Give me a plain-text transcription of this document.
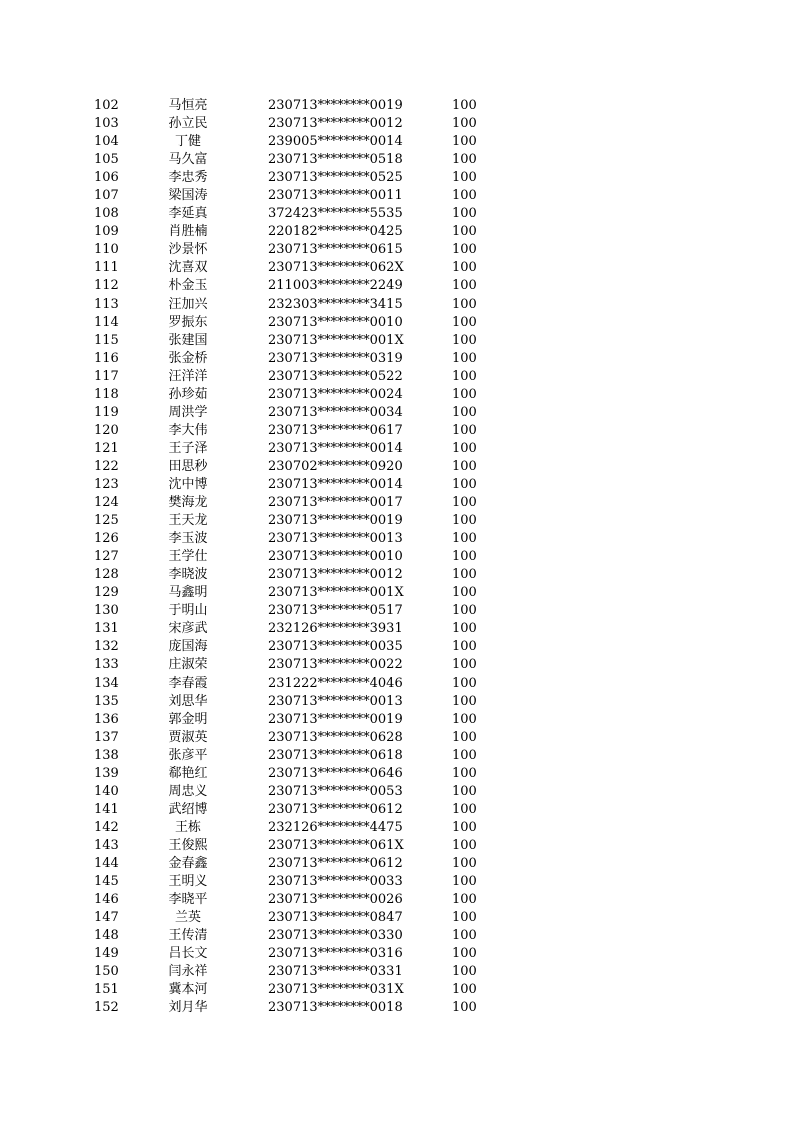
102	马恒亮	230713********0019	100
103	孙立民	230713********0012	100
104	丁健	239005********0014	100
105	马久富	230713********0518	100
106	李忠秀	230713********0525	100
107	梁国涛	230713********0011	100
108	李延真	372423********5535	100
109	肖胜楠	220182********0425	100
110	沙景怀	230713********0615	100
111	沈喜双	230713********062X	100
112	朴金玉	211003********2249	100
113	汪加兴	232303********3415	100
114	罗振东	230713********0010	100
115	张建国	230713********001X	100
116	张金桥	230713********0319	100
117	汪洋洋	230713********0522	100
118	孙珍茹	230713********0024	100
119	周洪学	230713********0034	100
120	李大伟	230713********0617	100
121	王子泽	230713********0014	100
122	田思秒	230702********0920	100
123	沈中博	230713********0014	100
124	樊海龙	230713********0017	100
125	王天龙	230713********0019	100
126	李玉波	230713********0013	100
127	王学仕	230713********0010	100
128	李晓波	230713********0012	100
129	马鑫明	230713********001X	100
130	于明山	230713********0517	100
131	宋彦武	232126********3931	100
132	庞国海	230713********0035	100
133	庄淑荣	230713********0022	100
134	李春霞	231222********4046	100
135	刘思华	230713********0013	100
136	郭金明	230713********0019	100
137	贾淑英	230713********0628	100
138	张彦平	230713********0618	100
139	郗艳红	230713********0646	100
140	周忠义	230713********0053	100
141	武绍博	230713********0612	100
142	王栋	232126********4475	100
143	王俊熙	230713********061X	100
144	金春鑫	230713********0612	100
145	王明义	230713********0033	100
146	李晓平	230713********0026	100
147	兰英	230713********0847	100
148	王传清	230713********0330	100
149	吕长文	230713********0316	100
150	闫永祥	230713********0331	100
151	冀本河	230713********031X	100
152	刘月华	230713********0018	100
